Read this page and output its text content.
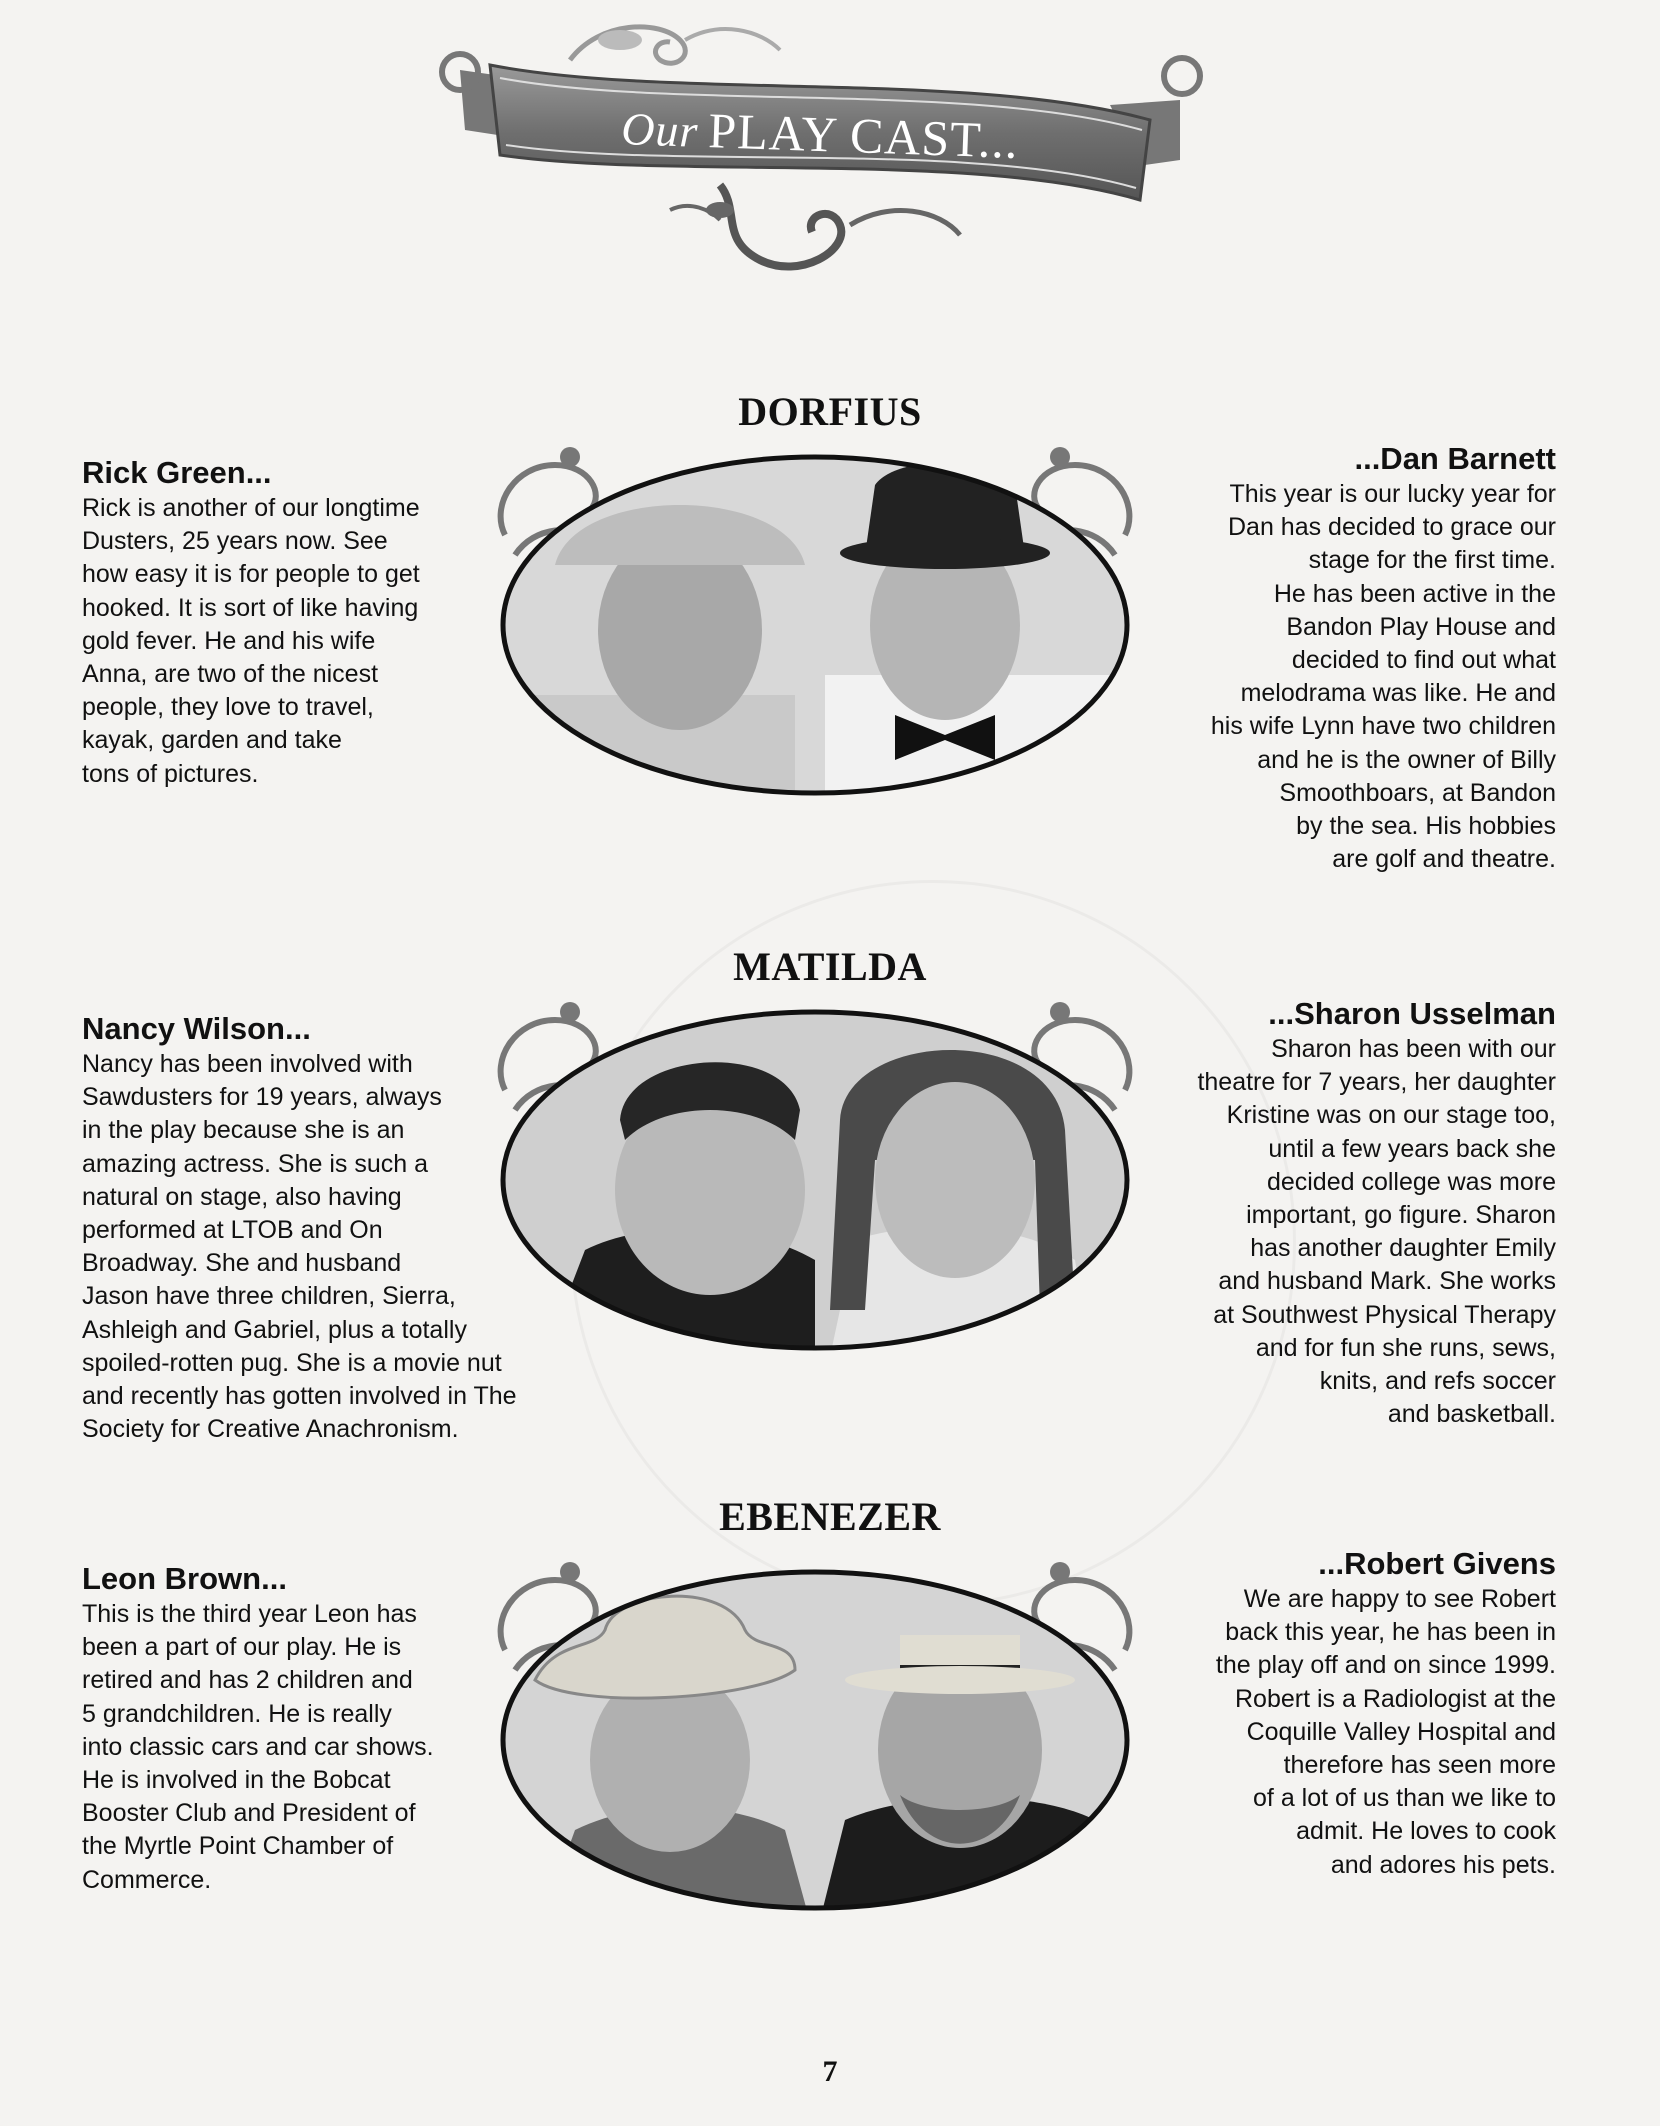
Our PLAY CAST...
DORFIUS
Rick Green...
Rick is another of our longtime
Dusters, 25 years now. See
how easy it is for people to get
hooked. It is sort of like having
gold fever. He and his wife
Anna, are two of the nicest
people, they love to travel,
kayak, garden and take
tons of pictures.
...Dan Barnett
This year is our lucky year for
Dan has decided to grace our
stage for the first time.
He has been active in the
Bandon Play House and
decided to find out what
melodrama was like. He and
his wife Lynn have two children
and he is the owner of Billy
Smoothboars, at Bandon
by the sea. His hobbies
are golf and theatre.
MATILDA
Nancy Wilson...
Nancy has been involved with
Sawdusters for 19 years, always
in the play because she is an
amazing actress. She is such a
natural on stage, also having
performed at LTOB and On
Broadway. She and husband
Jason have three children, Sierra,
Ashleigh and Gabriel, plus a totally
spoiled-rotten pug. She is a movie nut
and recently has gotten involved in The
Society for Creative Anachronism.
...Sharon Usselman
Sharon has been with our
theatre for 7 years, her daughter
Kristine was on our stage too,
until a few years back she
decided college was more
important, go figure. Sharon
has another daughter Emily
and husband Mark. She works
at Southwest Physical Therapy
and for fun she runs, sews,
knits, and refs soccer
and basketball.
EBENEZER
Leon Brown...
This is the third year Leon has
been a part of our play. He is
retired and has 2 children and
5 grandchildren. He is really
into classic cars and car shows.
He is involved in the Bobcat
Booster Club and President of
the Myrtle Point Chamber of
Commerce.
...Robert Givens
We are happy to see Robert
back this year, he has been in
the play off and on since 1999.
Robert is a Radiologist at the
Coquille Valley Hospital and
therefore has seen more
of a lot of us than we like to
admit. He loves to cook
and adores his pets.
7
